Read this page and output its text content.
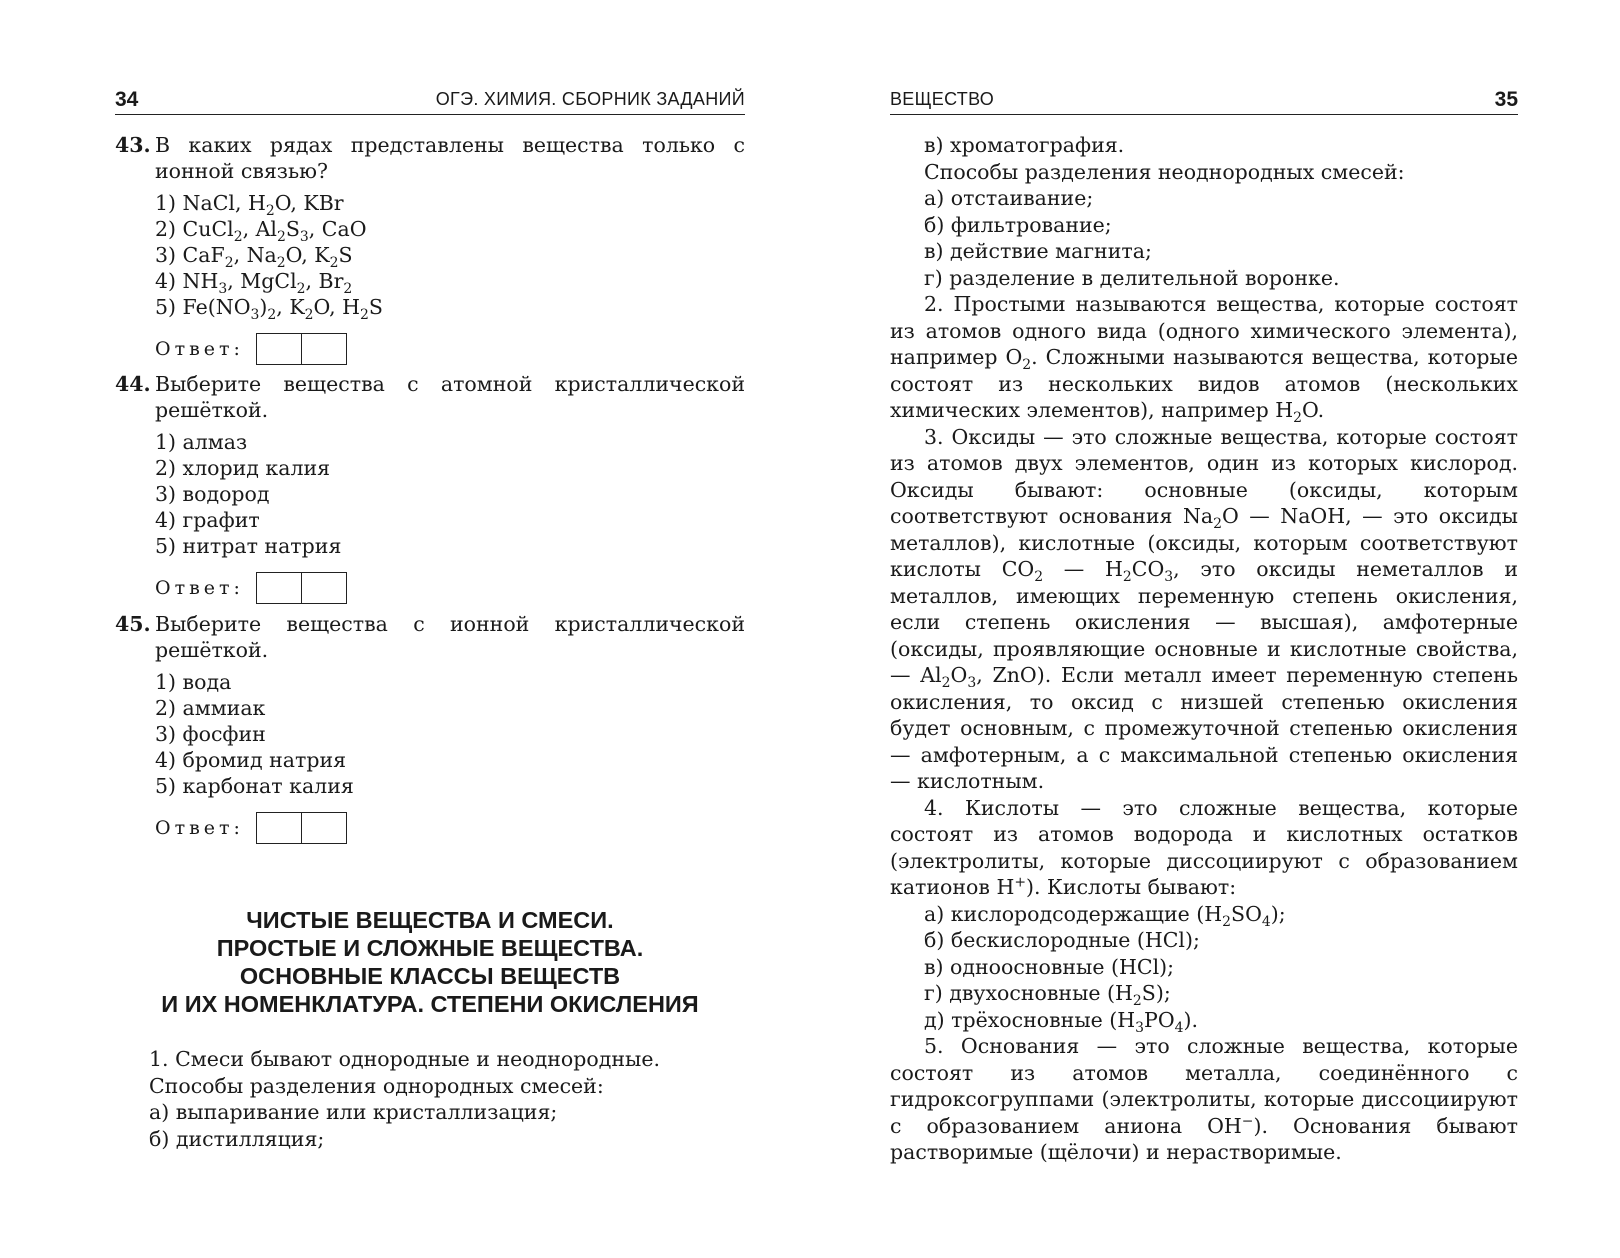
34	ОГЭ. ХИМИЯ. СБОРНИК ЗАДАНИЙ
43. В каких рядах представлены вещества только с ионной связью?
1) NaCl, $H_2O$, KBr
2) CuCl$_2$, $Al_2S_3$, CaO
3) CaF$_2$, $Na_2O$, $K_2S$
4) $NH_3$, MgCl$_2$, $Br_2$
5) $Fe(NO_3)_2$, $K_2O$, $H_2S$
Ответ:
44. Выберите вещества с атомной кристаллической решёткой.
1) алмаз
2) хлорид калия
3) водород
4) графит
5) нитрат натрия
Ответ:
45. Выберите вещества с ионной кристаллической решёткой.
1) вода
2) аммиак
3) фосфин
4) бромид натрия
5) карбонат калия
Ответ:
ЧИСТЫЕ ВЕЩЕСТВА И СМЕСИ.
ПРОСТЫЕ И СЛОЖНЫЕ ВЕЩЕСТВА.
ОСНОВНЫЕ КЛАССЫ ВЕЩЕСТВ
И ИХ НОМЕНКЛАТУРА. СТЕПЕНИ ОКИСЛЕНИЯ
1. Смеси бывают однородные и неоднородные.
Способы разделения однородных смесей:
а) выпаривание или кристаллизация;
б) дистилляция;
ВЕЩЕСТВО	35
в) хроматография.
Способы разделения неоднородных смесей:
а) отстаивание;
б) фильтрование;
в) действие магнита;
г) разделение в делительной воронке.
2. Простыми называются вещества, которые состоят из атомов одного вида (одного химического элемента), например $O_2$. Сложными называются вещества, которые состоят из нескольких видов атомов (нескольких химических элементов), например $H_2O$.
3. Оксиды — это сложные вещества, которые состоят из атомов двух элементов, один из которых кислород. Оксиды бывают: основные (оксиды, которым соответствуют основания $Na_2O$ — NaOH, — это оксиды металлов), кислотные (оксиды, которым соответствуют кислоты $CO_2$ — $H_2CO_3$, это оксиды неметаллов и металлов, имеющих переменную степень окисления, если степень окисления — высшая), амфотерные (оксиды, проявляющие основные и кислотные свойства, — $Al_2O_3$, ZnO). Если металл имеет переменную степень окисления, то оксид с низшей степенью окисления будет основным, с промежуточной степенью окисления — амфотерным, а с максимальной степенью окисления — кислотным.
4. Кислоты — это сложные вещества, которые состоят из атомов водорода и кислотных остатков (электролиты, которые диссоциируют с образованием катионов H+). Кислоты бывают:
а) кислородсодержащие $(H_2SO_4)$;
б) бескислородные (HCl);
в) одноосновные (HCl);
г) двухосновные $(H_2S)$;
д) трёхосновные $(H_3PO_4)$.
5. Основания — это сложные вещества, которые состоят из атомов металла, соединённого с гидроксогруппами (электролиты, которые диссоциируют с образованием аниона OH−). Основания бывают растворимые (щёлочи) и нерастворимые.
